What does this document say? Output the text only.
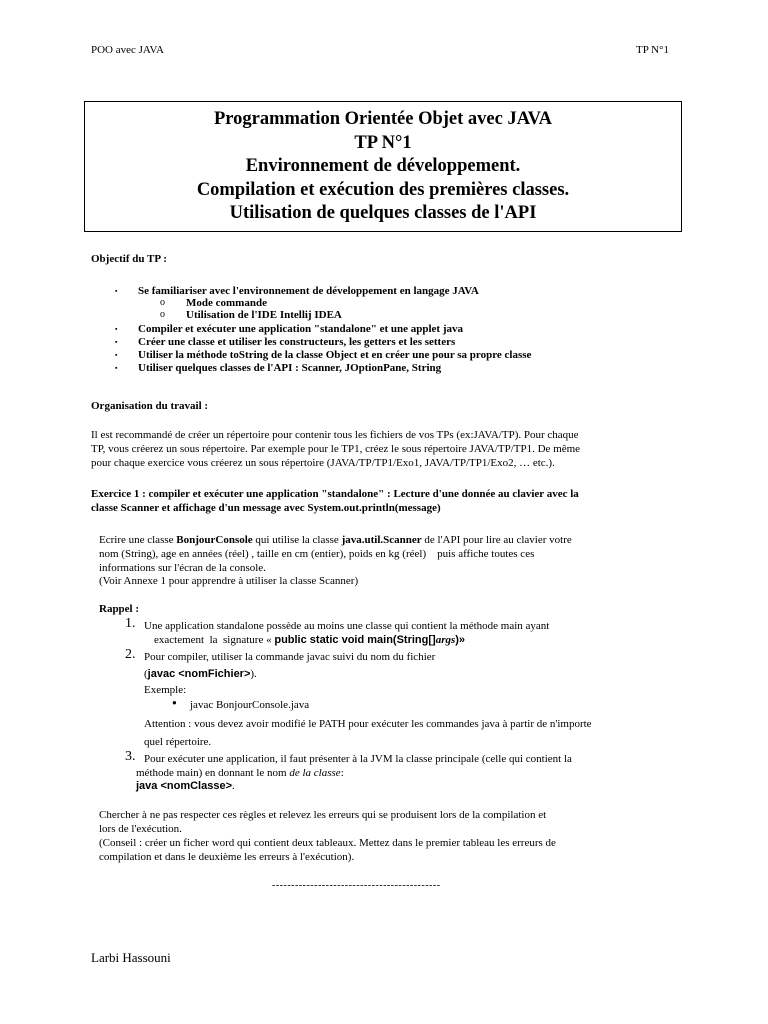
POO avec JAVA	TP N°1
Programmation Orientée Objet avec JAVA
TP N°1
Environnement de développement.
Compilation et exécution des premières classes.
Utilisation de quelques classes de l'API
Objectif du TP :
▪ Se familiariser avec l'environnement de développement en langage JAVA
o Mode commande
o Utilisation de l'IDE Intellij IDEA
▪ Compiler et exécuter une application "standalone" et une applet java
▪ Créer une classe et utiliser les constructeurs, les getters et les setters
▪ Utiliser la méthode toString de la classe Object et en créer une pour sa propre classe
▪ Utiliser quelques classes de l'API : Scanner, JOptionPane, String
Organisation du travail :
Il est recommandé de créer un répertoire pour contenir tous les fichiers de vos TPs (ex:JAVA/TP). Pour chaque
TP, vous créerez un sous répertoire. Par exemple pour le TP1, créez le sous répertoire JAVA/TP/TP1. De même
pour chaque exercice vous créerez un sous répertoire (JAVA/TP/TP1/Exo1, JAVA/TP/TP1/Exo2, … etc.).
Exercice 1 : compiler et exécuter une application "standalone" : Lecture d'une donnée au clavier avec la
classe Scanner et affichage d'un message avec System.out.println(message)
Ecrire une classe BonjourConsole qui utilise la classe java.util.Scanner de l'API pour lire au clavier votre
nom (String), age en années (réel) , taille en cm (entier), poids en kg (réel)    puis affiche toutes ces
informations sur l'écran de la console.
(Voir Annexe 1 pour apprendre à utiliser la classe Scanner)
Rappel :
1. Une application standalone possède au moins une classe qui contient la méthode main ayant
exactement  la  signature « public static void main(String[]args)»
2. Pour compiler, utiliser la commande javac suivi du nom du fichier
(javac <nomFichier>).
Exemple:
● javac BonjourConsole.java
Attention : vous devez avoir modifié le PATH pour exécuter les commandes java à partir de n'importe
quel répertoire.
3. Pour exécuter une application, il faut présenter à la JVM la classe principale (celle qui contient la
méthode main) en donnant le nom de la classe:
java <nomClasse>.
Chercher à ne pas respecter ces règles et relevez les erreurs qui se produisent lors de la compilation et
lors de l'exécution.
(Conseil : créer un ficher word qui contient deux tableaux. Mettez dans le premier tableau les erreurs de
compilation et dans le deuxième les erreurs à l'exécution).
--------------------------------------------
Larbi Hassouni
